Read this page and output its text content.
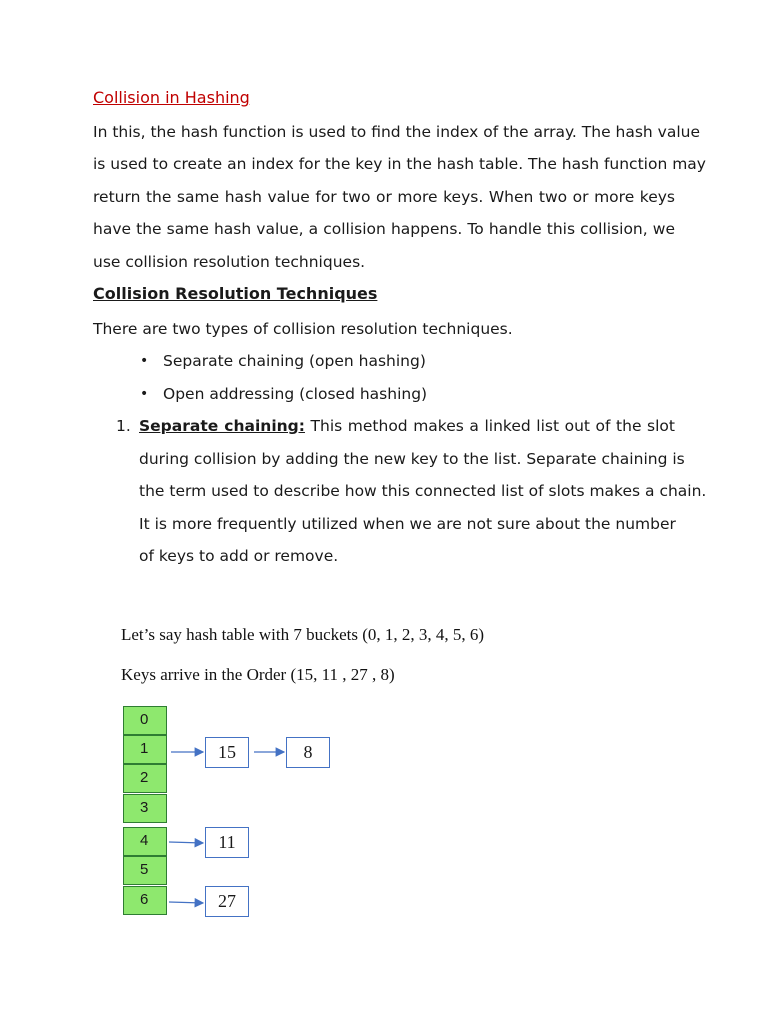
Collision in Hashing
In this, the hash function is used to find the index of the array. The hash value
is used to create an index for the key in the hash table. The hash function may
return the same hash value for two or more keys. When two or more keys
have the same hash value, a collision happens. To handle this collision, we
use collision resolution techniques.
Collision Resolution Techniques
There are two types of collision resolution techniques.
• Separate chaining (open hashing)
• Open addressing (closed hashing)
1. Separate chaining: This method makes a linked list out of the slot
during collision by adding the new key to the list. Separate chaining is
the term used to describe how this connected list of slots makes a chain.
It is more frequently utilized when we are not sure about the number
of keys to add or remove.
Let’s say hash table with 7 buckets (0, 1, 2, 3, 4, 5, 6)
Keys arrive in the Order (15, 11 , 27 , 8)
0
1
2
3
4
5
6
15	8
11
27
